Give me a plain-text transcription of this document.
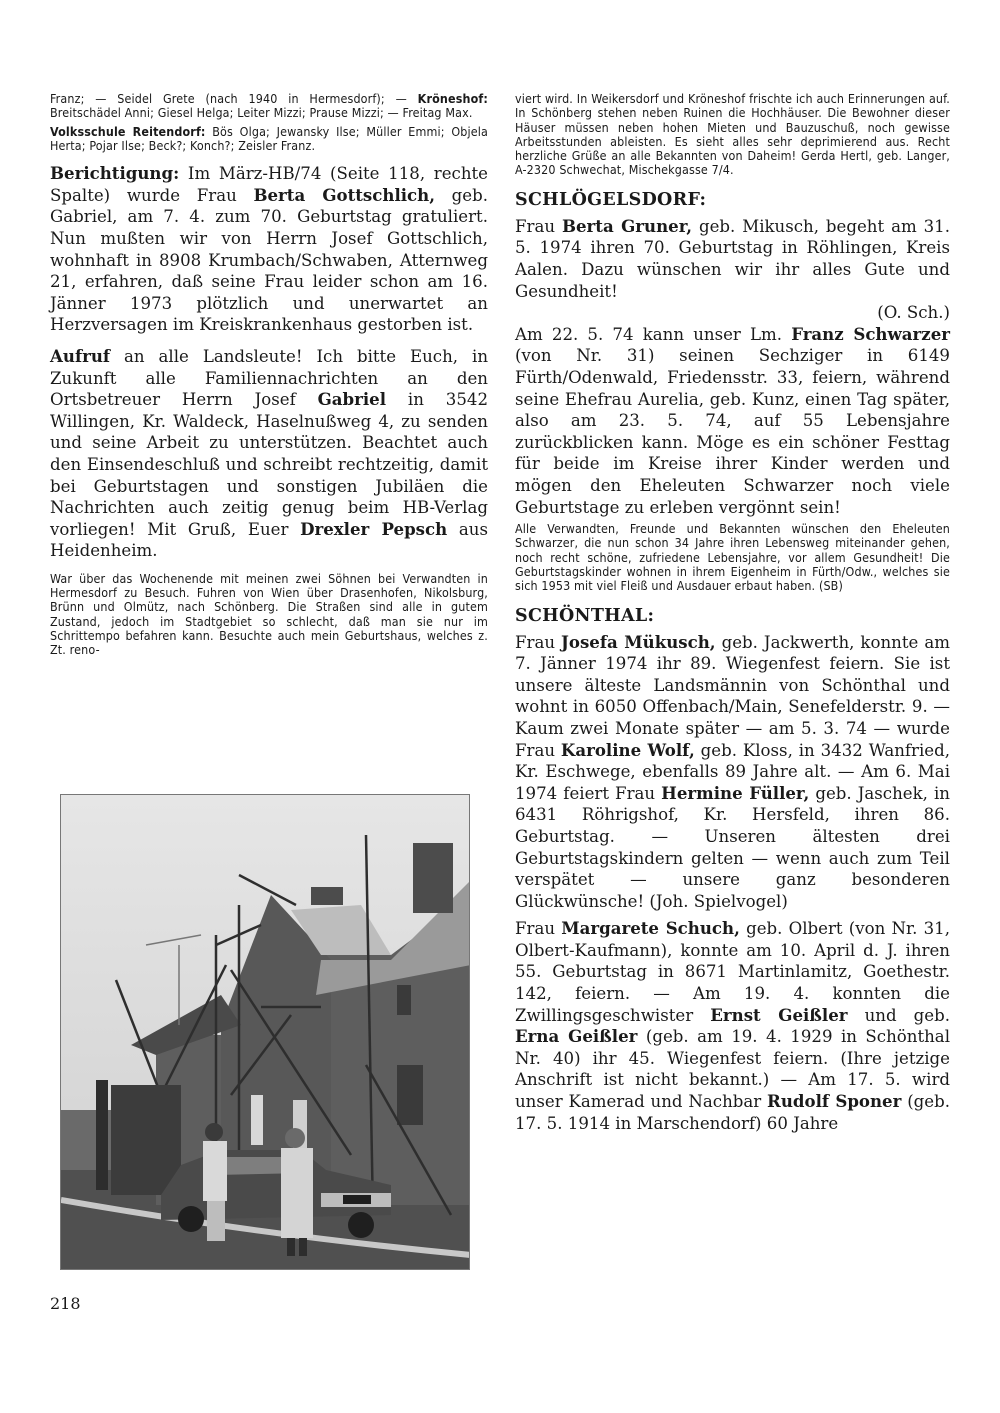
Franz; — Seidel Grete (nach 1940 in Hermesdorf); — Kröneshof: Breitschädel Anni; Giesel Helga; Leiter Mizzi; Prause Mizzi; — Freitag Max.

Volksschule Reitendorf: Bös Olga; Jewansky Ilse; Müller Emmi; Objela Herta; Pojar Ilse; Beck?; Konch?; Zeisler Franz.

Berichtigung: Im März-HB/74 (Seite 118, rechte Spalte) wurde Frau Berta Gottschlich, geb. Gabriel, am 7. 4. zum 70. Geburtstag gratuliert. Nun mußten wir von Herrn Josef Gottschlich, wohnhaft in 8908 Krumbach/Schwaben, Atternweg 21, erfahren, daß seine Frau leider schon am 16. Jänner 1973 plötzlich und unerwartet an Herzversagen im Kreiskrankenhaus gestorben ist.

Aufruf an alle Landsleute! Ich bitte Euch, in Zukunft alle Familiennachrichten an den Ortsbetreuer Herrn Josef Gabriel in 3542 Willingen, Kr. Waldeck, Haselnußweg 4, zu senden und seine Arbeit zu unterstützen. Beachtet auch den Einsendeschluß und schreibt rechtzeitig, damit bei Geburtstagen und sonstigen Jubiläen die Nachrichten auch zeitig genug beim HB-Verlag vorliegen! Mit Gruß, Euer Drexler Pepsch aus Heidenheim.

War über das Wochenende mit meinen zwei Söhnen bei Verwandten in Hermesdorf zu Besuch. Fuhren von Wien über Drasenhofen, Nikolsburg, Brünn und Olmütz, nach Schönberg. Die Straßen sind alle in gutem Zustand, jedoch im Stadtgebiet so schlecht, daß man sie nur im Schrittempo befahren kann. Besuchte auch mein Geburtshaus, welches z. Zt. reno-

viert wird. In Weikersdorf und Kröneshof frischte ich auch Erinnerungen auf. In Schönberg stehen neben Ruinen die Hochhäuser. Die Bewohner dieser Häuser müssen neben hohen Mieten und Bauzuschuß, noch gewisse Arbeitsstunden ableisten. Es sieht alles sehr deprimierend aus. Recht herzliche Grüße an alle Bekannten von Daheim! Gerda Hertl, geb. Langer, A-2320 Schwechat, Mischekgasse 7/4.

SCHLÖGELSDORF:

Frau Berta Gruner, geb. Mikusch, begeht am 31. 5. 1974 ihren 70. Geburtstag in Röhlingen, Kreis Aalen. Dazu wünschen wir ihr alles Gute und Gesundheit!

(O. Sch.)

Am 22. 5. 74 kann unser Lm. Franz Schwarzer (von Nr. 31) seinen Sechziger in 6149 Fürth/Odenwald, Friedensstr. 33, feiern, während seine Ehefrau Aurelia, geb. Kunz, einen Tag später, also am 23. 5. 74, auf 55 Lebensjahre zurückblicken kann. Möge es ein schöner Festtag für beide im Kreise ihrer Kinder werden und mögen den Eheleuten Schwarzer noch viele Geburtstage zu erleben vergönnt sein!

Alle Verwandten, Freunde und Bekannten wünschen den Eheleuten Schwarzer, die nun schon 34 Jahre ihren Lebensweg miteinander gehen, noch recht schöne, zufriedene Lebensjahre, vor allem Gesundheit! Die Geburtstagskinder wohnen in ihrem Eigenheim in Fürth/Odw., welches sie sich 1953 mit viel Fleiß und Ausdauer erbaut haben. (SB)

SCHÖNTHAL:

Frau Josefa Mükusch, geb. Jackwerth, konnte am 7. Jänner 1974 ihr 89. Wiegenfest feiern. Sie ist unsere älteste Landsmännin von Schönthal und wohnt in 6050 Offenbach/Main, Senefelderstr. 9. — Kaum zwei Monate später — am 5. 3. 74 — wurde Frau Karoline Wolf, geb. Kloss, in 3432 Wanfried, Kr. Eschwege, ebenfalls 89 Jahre alt. — Am 6. Mai 1974 feiert Frau Hermine Füller, geb. Jaschek, in 6431 Röhrigshof, Kr. Hersfeld, ihren 86. Geburtstag. — Unseren ältesten drei Geburtstagskindern gelten — wenn auch zum Teil verspätet — unsere ganz besonderen Glückwünsche! (Joh. Spielvogel)

Frau Margarete Schuch, geb. Olbert (von Nr. 31, Olbert-Kaufmann), konnte am 10. April d. J. ihren 55. Geburtstag in 8671 Martinlamitz, Goethestr. 142, feiern. — Am 19. 4. konnten die Zwillingsgeschwister Ernst Geißler und geb. Erna Geißler (geb. am 19. 4. 1929 in Schönthal Nr. 40) ihr 45. Wiegenfest feiern. (Ihre jetzige Anschrift ist nicht bekannt.) — Am 17. 5. wird unser Kamerad und Nachbar Rudolf Sponer (geb. 17. 5. 1914 in Marschendorf) 60 Jahre

218
